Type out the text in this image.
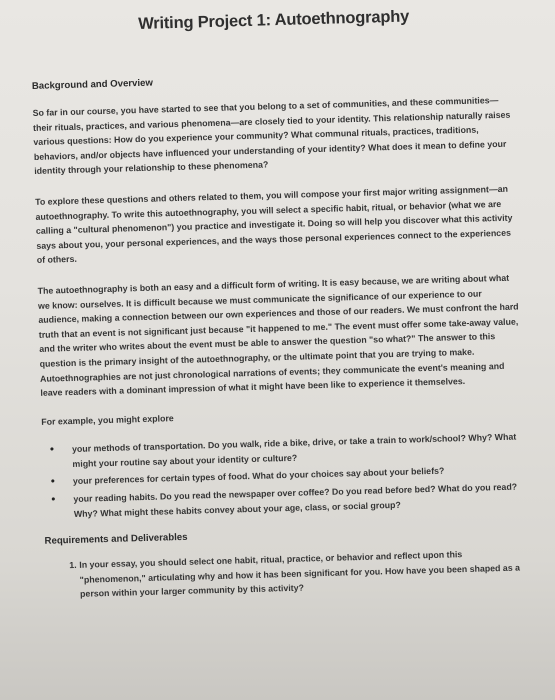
Writing Project 1: Autoethnography
Background and Overview

So far in our course, you have started to see that you belong to a set of communities, and these communities—their rituals, practices, and various phenomena—are closely tied to your identity. This relationship naturally raises various questions: How do you experience your community? What communal rituals, practices, traditions, behaviors, and/or objects have influenced your understanding of your identity? What does it mean to define your identity through your relationship to these phenomena?

To explore these questions and others related to them, you will compose your first major writing assignment—an autoethnography. To write this autoethnography, you will select a specific habit, ritual, or behavior (what we are calling a "cultural phenomenon") you practice and investigate it. Doing so will help you discover what this activity says about you, your personal experiences, and the ways those personal experiences connect to the experiences of others.

The autoethnography is both an easy and a difficult form of writing. It is easy because, we are writing about what we know: ourselves. It is difficult because we must communicate the significance of our experience to our audience, making a connection between our own experiences and those of our readers. We must confront the hard truth that an event is not significant just because "it happened to me." The event must offer some take-away value, and the writer who writes about the event must be able to answer the question "so what?" The answer to this question is the primary insight of the autoethnography, or the ultimate point that you are trying to make. Autoethnographies are not just chronological narrations of events; they communicate the event's meaning and leave readers with a dominant impression of what it might have been like to experience it themselves.

For example, you might explore

• your methods of transportation. Do you walk, ride a bike, drive, or take a train to work/school? Why? What might your routine say about your identity or culture?
• your preferences for certain types of food. What do your choices say about your beliefs?
• your reading habits. Do you read the newspaper over coffee? Do you read before bed? What do you read? Why? What might these habits convey about your age, class, or social group?
Requirements and Deliverables
1. In your essay, you should select one habit, ritual, practice, or behavior and reflect upon this "phenomenon," articulating why and how it has been significant for you. How have you been shaped as a person within your larger community by this activity?
